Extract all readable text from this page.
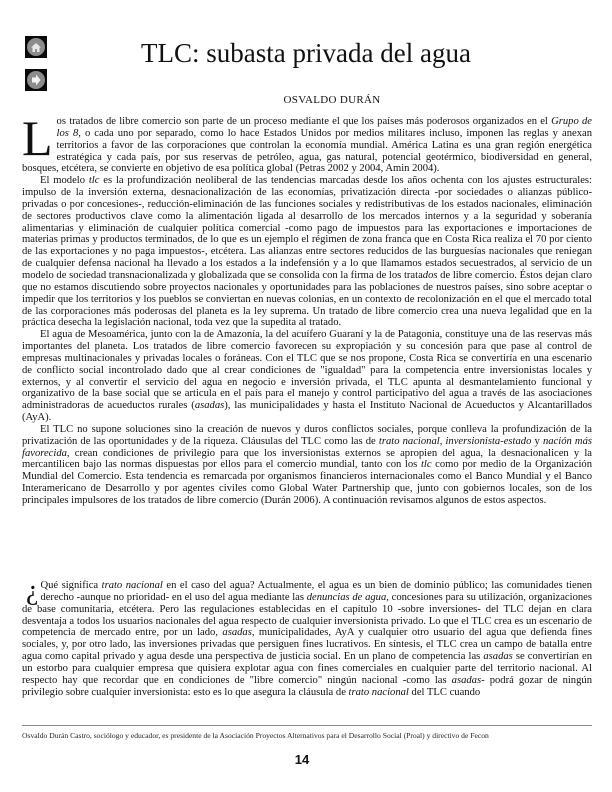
TLC: subasta privada del agua
OSVALDO DURÁN

Los tratados de libre comercio son parte de un proceso mediante el que los países más poderosos organizados en el Grupo de los 8, o cada uno por separado, como lo hace Estados Unidos por medios militares incluso, imponen las reglas y anexan territorios a favor de las corporaciones que controlan la economía mundial. América Latina es una gran región energética estratégica y cada país, por sus reservas de petróleo, agua, gas natural, potencial geotérmico, biodiversidad en general, bosques, etcétera, se convierte en objetivo de esa política global (Petras 2002 y 2004, Amin 2004).

El modelo tlc es la profundización neoliberal de las tendencias marcadas desde los años ochenta con los ajustes estructurales: impulso de la inversión externa, desnacionalización de las economías, privatización directa -por sociedades o alianzas público-privadas o por concesiones-, reducción-eliminación de las funciones sociales y redistributivas de los estados nacionales, eliminación de sectores productivos clave como la alimentación ligada al desarrollo de los mercados internos y a la seguridad y soberanía alimentarias y eliminación de cualquier política comercial -como pago de impuestos para las exportaciones e importaciones de materias primas y productos terminados, de lo que es un ejemplo el régimen de zona franca que en Costa Rica realiza el 70 por ciento de las exportaciones y no paga impuestos-, etcétera. Las alianzas entre sectores reducidos de las burguesías nacionales que reniegan de cualquier defensa nacional ha llevado a los estados a la indefensión y a lo que llamamos estados secuestrados, al servicio de un modelo de sociedad transnacionalizada y globalizada que se consolida con la firma de los tratados de libre comercio. Éstos dejan claro que no estamos discutiendo sobre proyectos nacionales y oportunidades para las poblaciones de nuestros países, sino sobre aceptar o impedir que los territorios y los pueblos se conviertan en nuevas colonias, en un contexto de recolonización en el que el mercado total de las corporaciones más poderosas del planeta es la ley suprema. Un tratado de libre comercio crea una nueva legalidad que en la práctica desecha la legislación nacional, toda vez que la supedita al tratado.

El agua de Mesoamérica, junto con la de Amazonía, la del acuífero Guaraní y la de Patagonia, constituye una de las reservas más importantes del planeta. Los tratados de libre comercio favorecen su expropiación y su concesión para que pase al control de empresas multinacionales y privadas locales o foráneas. Con el TLC que se nos propone, Costa Rica se convertiría en una escenario de conflicto social incontrolado dado que al crear condiciones de "igualdad" para la competencia entre inversionistas locales y externos, y al convertir el servicio del agua en negocio e inversión privada, el TLC apunta al desmantelamiento funcional y organizativo de la base social que se articula en el país para el manejo y control participativo del agua a través de las asociaciones administradoras de acueductos rurales (asadas), las municipalidades y hasta el Instituto Nacional de Acueductos y Alcantarillados (AyA).

El TLC no supone soluciones sino la creación de nuevos y duros conflictos sociales, porque conlleva la profundización de la privatización de las oportunidades y de la riqueza. Cláusulas del TLC como las de trato nacional, inversionista-estado y nación más favorecida, crean condiciones de privilegio para que los inversionistas externos se apropien del agua, la desnacionalicen y la mercantilicen bajo las normas dispuestas por ellos para el comercio mundial, tanto con los tlc como por medio de la Organización Mundial del Comercio. Esta tendencia es remarcada por organismos financieros internacionales como el Banco Mundial y el Banco Interamericano de Desarrollo y por agentes civiles como Global Water Partnership que, junto con gobiernos locales, son de los principales impulsores de los tratados de libre comercio (Durán 2006). A continuación revisamos algunos de estos aspectos.

¿ Qué significa trato nacional en el caso del agua? Actualmente, el agua es un bien de dominio público; las comunidades tienen derecho -aunque no prioridad- en el uso del agua mediante las denuncias de agua, concesiones para su utilización, organizaciones de base comunitaria, etcétera. Pero las regulaciones establecidas en el capítulo 10 -sobre inversiones- del TLC dejan en clara desventaja a todos los usuarios nacionales del agua respecto de cualquier inversionista privado. Lo que el TLC crea es un escenario de competencia de mercado entre, por un lado, asadas, municipalidades, AyA y cualquier otro usuario del agua que defienda fines sociales, y, por otro lado, las inversiones privadas que persiguen fines lucrativos. En síntesis, el TLC crea un campo de batalla entre agua como capital privado y agua desde una perspectiva de justicia social. En un plano de competencia las asadas se convertirían en un estorbo para cualquier empresa que quisiera explotar agua con fines comerciales en cualquier parte del territorio nacional. Al respecto hay que recordar que en condiciones de "libre comercio" ningún nacional -como las asadas- podrá gozar de ningún privilegio sobre cualquier inversionista: esto es lo que asegura la cláusula de trato nacional del TLC cuando

Osvaldo Durán Castro, sociólogo y educador, es presidente de la Asociación Proyectos Alternativos para el Desarrollo Social (Proal) y directivo de Fecon
14
